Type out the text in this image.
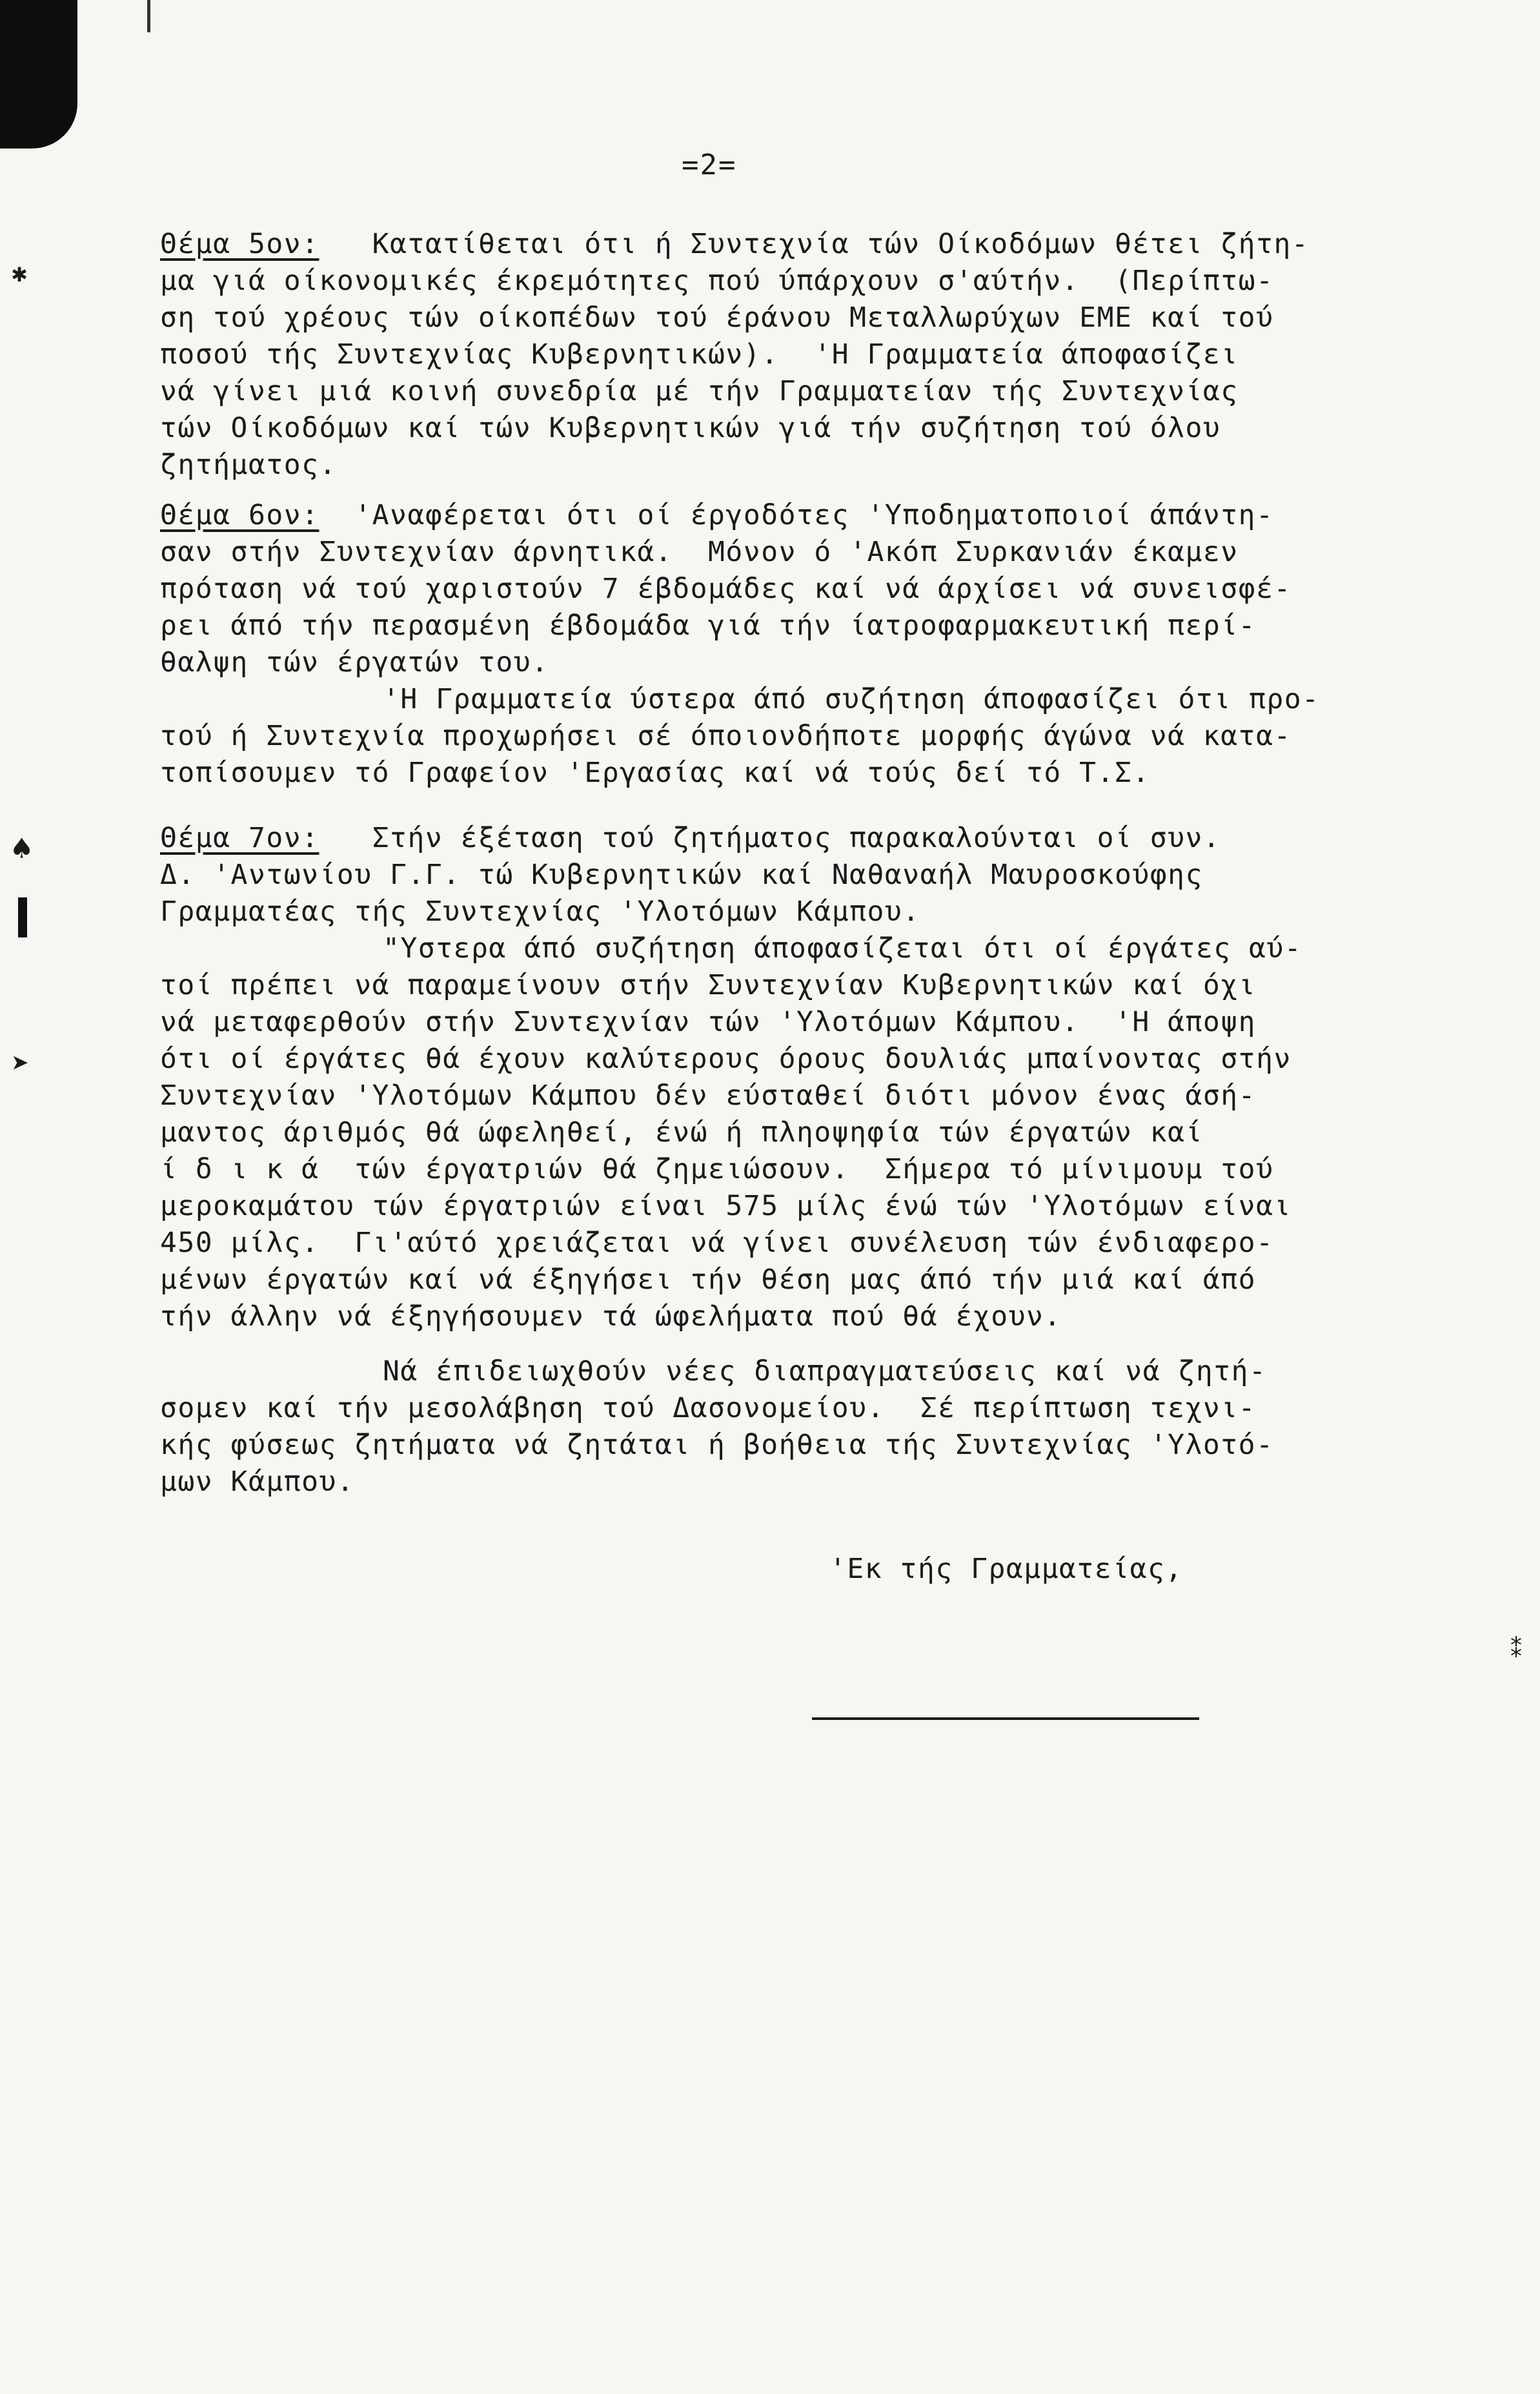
✱
♠
➤
⁑
=2=
Θέμα 5ον:   Κατατίθεται ότι ή Συντεχνία τών Οίκοδόμων θέτει ζήτη-
μα γιά οίκονομικές έκρεμότητες πού ύπάρχουν σ'αύτήν.  (Περίπτω-
ση τού χρέους τών οίκοπέδων τού έράνου Μεταλλωρύχων ΕΜΕ καί τού
ποσού τής Συντεχνίας Κυβερνητικών).  'Η Γραμματεία άποφασίζει
νά γίνει μιά κοινή συνεδρία μέ τήν Γραμματείαν τής Συντεχνίας
τών Οίκοδόμων καί τών Κυβερνητικών γιά τήν συζήτηση τού όλου
ζητήματος.
Θέμα 6ον:  'Αναφέρεται ότι οί έργοδότες 'Υποδηματοποιοί άπάντη-
σαν στήν Συντεχνίαν άρνητικά.  Μόνον ό 'Ακόπ Συρκανιάν έκαμεν
πρόταση νά τού χαριστούν 7 έβδομάδες καί νά άρχίσει νά συνεισφέ-
ρει άπό τήν περασμένη έβδομάδα γιά τήν ίατροφαρμακευτική περί-
θαλψη τών έργατών του.
'Η Γραμματεία ύστερα άπό συζήτηση άποφασίζει ότι προ-
τού ή Συντεχνία προχωρήσει σέ όποιονδήποτε μορφής άγώνα νά κατα-
τοπίσουμεν τό Γραφείον 'Εργασίας καί νά τούς δεί τό Τ.Σ.
Θέμα 7ον:   Στήν έξέταση τού ζητήματος παρακαλούνται οί συν.
Δ. 'Αντωνίου Γ.Γ. τώ Κυβερνητικών καί Ναθαναήλ Μαυροσκούφης
Γραμματέας τής Συντεχνίας 'Υλοτόμων Κάμπου.
"Υστερα άπό συζήτηση άποφασίζεται ότι οί έργάτες αύ-
τοί πρέπει νά παραμείνουν στήν Συντεχνίαν Κυβερνητικών καί όχι
νά μεταφερθούν στήν Συντεχνίαν τών 'Υλοτόμων Κάμπου.  'Η άποψη
ότι οί έργάτες θά έχουν καλύτερους όρους δουλιάς μπαίνοντας στήν
Συντεχνίαν 'Υλοτόμων Κάμπου δέν εύσταθεί διότι μόνον ένας άσή-
μαντος άριθμός θά ώφεληθεί, ένώ ή πληοψηφία τών έργατών καί
ί δ ι κ ά  τών έργατριών θά ζημειώσουν.  Σήμερα τό μίνιμουμ τού
μεροκαμάτου τών έργατριών είναι 575 μίλς ένώ τών 'Υλοτόμων είναι
450 μίλς.  Γι'αύτό χρειάζεται νά γίνει συνέλευση τών ένδιαφερο-
μένων έργατών καί νά έξηγήσει τήν θέση μας άπό τήν μιά καί άπό
τήν άλλην νά έξηγήσουμεν τά ώφελήματα πού θά έχουν.
Νά έπιδειωχθούν νέες διαπραγματεύσεις καί νά ζητή-
σομεν καί τήν μεσολάβηση τού Δασονομείου.  Σέ περίπτωση τεχνι-
κής φύσεως ζητήματα νά ζητάται ή βοήθεια τής Συντεχνίας 'Υλοτό-
μων Κάμπου.
'Εκ τής Γραμματείας,
